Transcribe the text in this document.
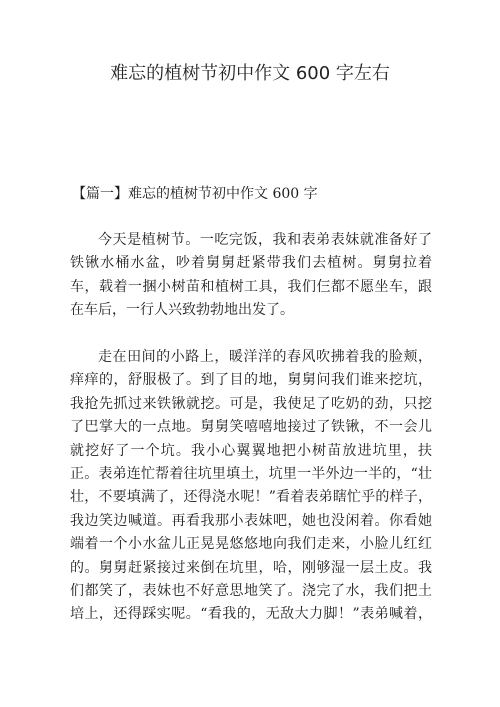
难忘的植树节初中作文 600 字左右
【篇一】难忘的植树节初中作文 600 字
今天是植树节。一吃完饭，我和表弟表妹就准备好了
铁锹水桶水盆，吵着舅舅赶紧带我们去植树。舅舅拉着
车，载着一捆小树苗和植树工具，我们仨都不愿坐车，跟
在车后，一行人兴致勃勃地出发了。
走在田间的小路上，暖洋洋的春风吹拂着我的脸颊，
痒痒的，舒服极了。到了目的地，舅舅问我们谁来挖坑，
我抢先抓过来铁锹就挖。可是，我使足了吃奶的劲，只挖
了巴掌大的一点地。舅舅笑嘻嘻地接过了铁锹，不一会儿
就挖好了一个坑。我小心翼翼地把小树苗放进坑里，扶
正。表弟连忙帮着往坑里填土，坑里一半外边一半的，“壮
壮，不要填满了，还得浇水呢！”看着表弟瞎忙乎的样子，
我边笑边喊道。再看我那小表妹吧，她也没闲着。你看她
端着一个小水盆儿正晃晃悠悠地向我们走来，小脸儿红红
的。舅舅赶紧接过来倒在坑里，哈，刚够湿一层土皮。我
们都笑了，表妹也不好意思地笑了。浇完了水，我们把土
培上，还得踩实呢。“看我的，无敌大力脚！”表弟喊着，
